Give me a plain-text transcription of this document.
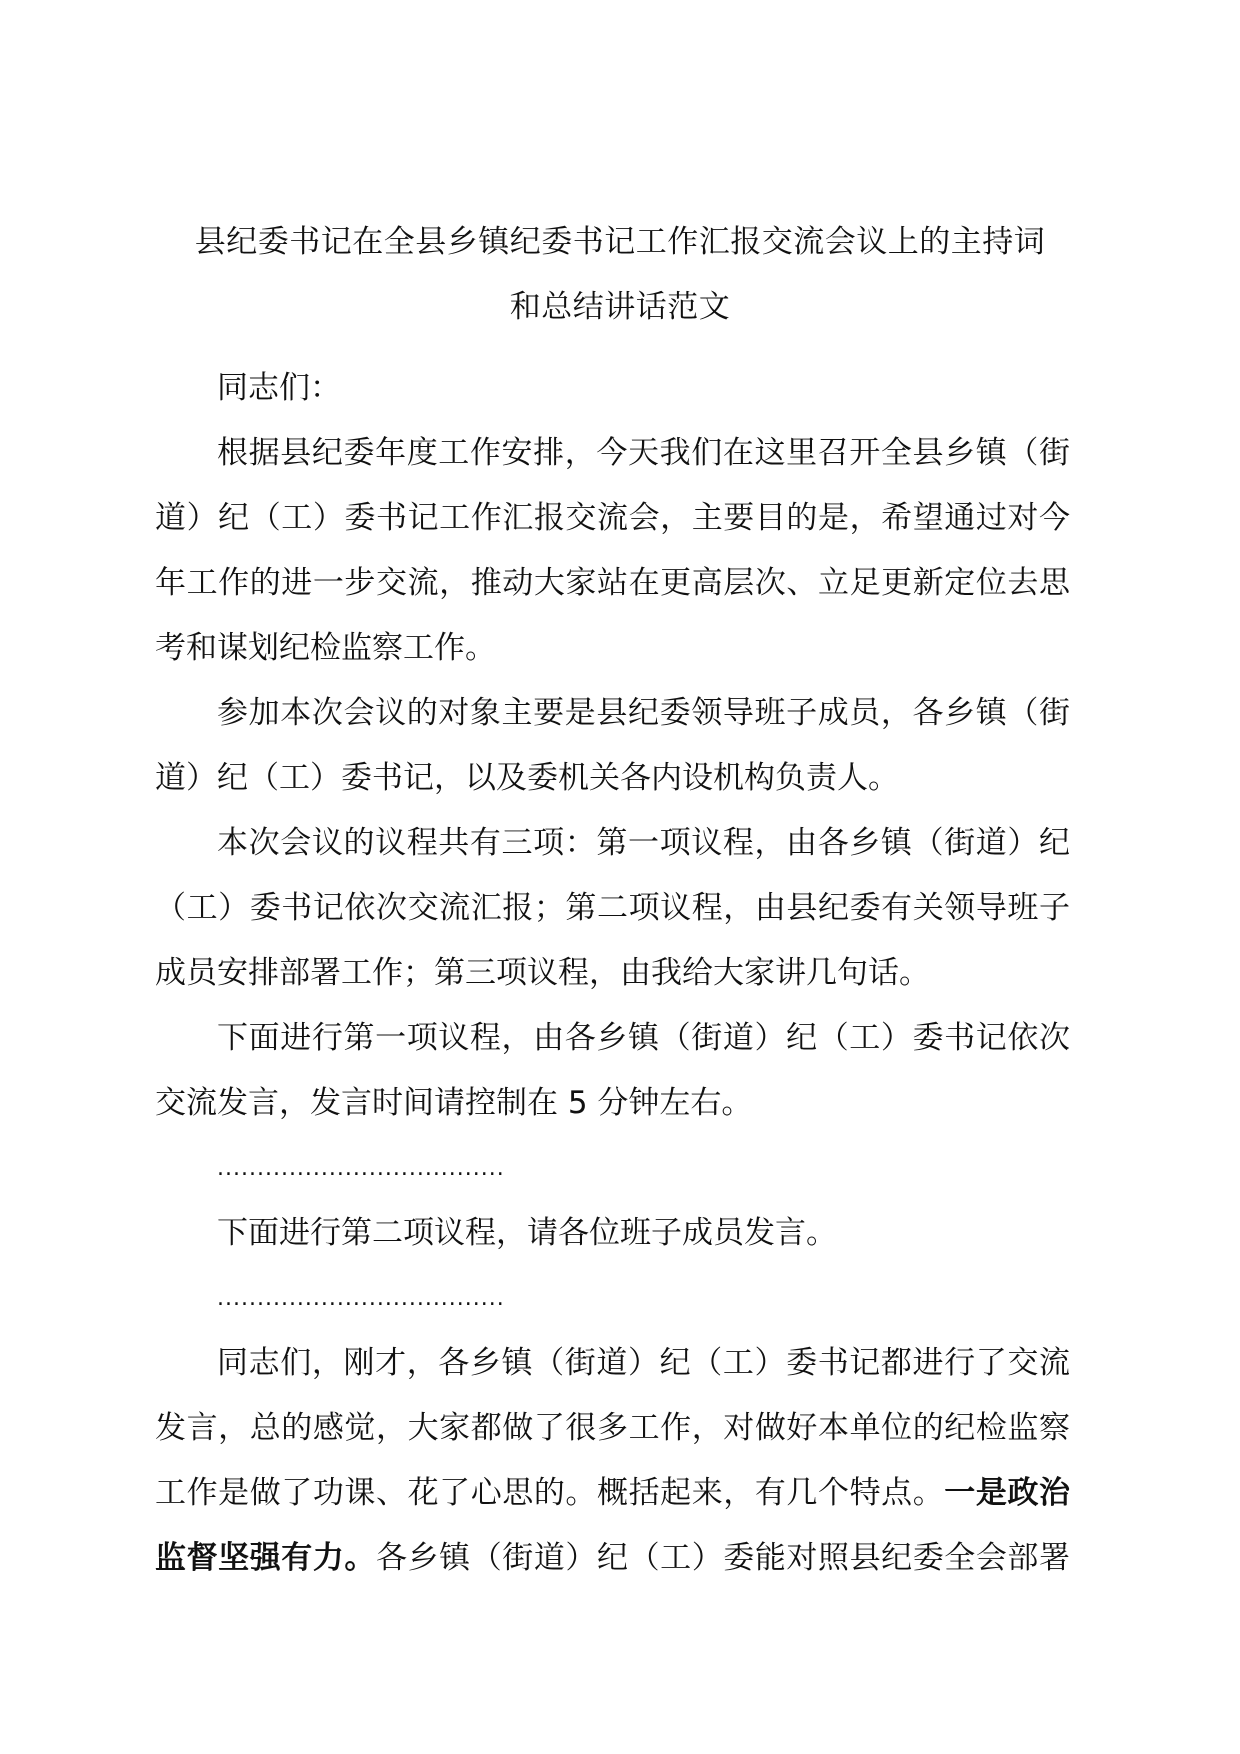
县纪委书记在全县乡镇纪委书记工作汇报交流会议上的主持词
和总结讲话范文
同志们：
根据县纪委年度工作安排，今天我们在这里召开全县乡镇（街
道）纪（工）委书记工作汇报交流会，主要目的是，希望通过对今
年工作的进一步交流，推动大家站在更高层次、立足更新定位去思
考和谋划纪检监察工作。
参加本次会议的对象主要是县纪委领导班子成员，各乡镇（街
道）纪（工）委书记，以及委机关各内设机构负责人。
本次会议的议程共有三项：第一项议程，由各乡镇（街道）纪
（工）委书记依次交流汇报；第二项议程，由县纪委有关领导班子
成员安排部署工作；第三项议程，由我给大家讲几句话。
下面进行第一项议程，由各乡镇（街道）纪（工）委书记依次
交流发言，发言时间请控制在 5 分钟左右。
....................................
下面进行第二项议程，请各位班子成员发言。
....................................
同志们，刚才，各乡镇（街道）纪（工）委书记都进行了交流
发言，总的感觉，大家都做了很多工作，对做好本单位的纪检监察
工作是做了功课、花了心思的。概括起来，有几个特点。一是政治
监督坚强有力。各乡镇（街道）纪（工）委能对照县纪委全会部署
